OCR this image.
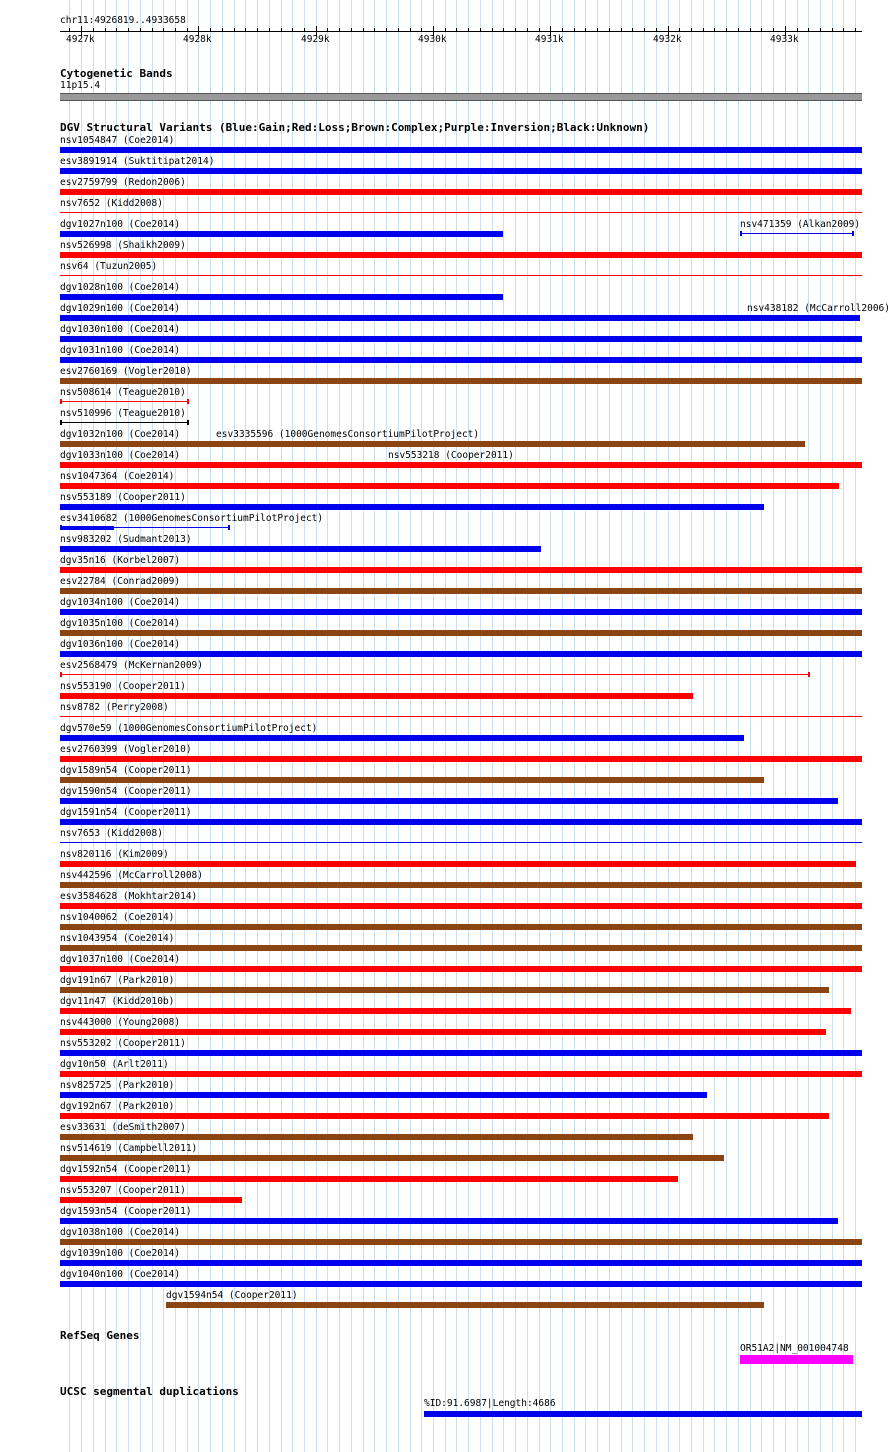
chr11:4926819..4933658
4927k	4928k	4929k	4930k	4931k	4932k	4933k
Cytogenetic Bands
11p15.4
DGV Structural Variants (Blue:Gain;Red:Loss;Brown:Complex;Purple:Inversion;Black:Unknown)
nsv1054847 (Coe2014)
esv3891914 (Suktitipat2014)
esv2759799 (Redon2006)
nsv7652 (Kidd2008)
dgv1027n100 (Coe2014)	nsv471359 (Alkan2009)
nsv526998 (Shaikh2009)
nsv64 (Tuzun2005)
dgv1028n100 (Coe2014)
nsv438182 (McCarroll2006)
dgv1029n100 (Coe2014)
dgv1030n100 (Coe2014)
dgv1031n100 (Coe2014)
esv2760169 (Vogler2010)
nsv508614 (Teague2010)
esv3335596 (1000GenomesConsortiumPilotProject)
nsv510996 (Teague2010)
nsv553218 (Cooper2011)
dgv1032n100 (Coe2014)
dgv1033n100 (Coe2014)
nsv1047364 (Coe2014)
nsv553189 (Cooper2011)
esv3410682 (1000GenomesConsortiumPilotProject)
nsv983202 (Sudmant2013)
dgv35n16 (Korbel2007)
esv22784 (Conrad2009)
dgv1034n100 (Coe2014)
dgv1035n100 (Coe2014)
dgv1036n100 (Coe2014)
esv2568479 (McKernan2009)
nsv553190 (Cooper2011)
nsv8782 (Perry2008)
dgv570e59 (1000GenomesConsortiumPilotProject)
esv2760399 (Vogler2010)
dgv1589n54 (Cooper2011)
dgv1590n54 (Cooper2011)
dgv1591n54 (Cooper2011)
nsv7653 (Kidd2008)
nsv820116 (Kim2009)
nsv442596 (McCarroll2008)
esv3584628 (Mokhtar2014)
nsv1040062 (Coe2014)
nsv1043954 (Coe2014)
dgv1037n100 (Coe2014)
dgv191n67 (Park2010)
dgv11n47 (Kidd2010b)
nsv443000 (Young2008)
nsv553202 (Cooper2011)
dgv10n50 (Arlt2011)
nsv825725 (Park2010)
dgv192n67 (Park2010)
esv33631 (deSmith2007)
nsv514619 (Campbell2011)
dgv1592n54 (Cooper2011)
nsv553207 (Cooper2011)
dgv1593n54 (Cooper2011)
dgv1038n100 (Coe2014)
dgv1039n100 (Coe2014)
dgv1040n100 (Coe2014)
dgv1594n54 (Cooper2011)
RefSeq Genes
OR51A2|NM_001004748
UCSC segmental duplications
%ID:91.6987|Length:4686
